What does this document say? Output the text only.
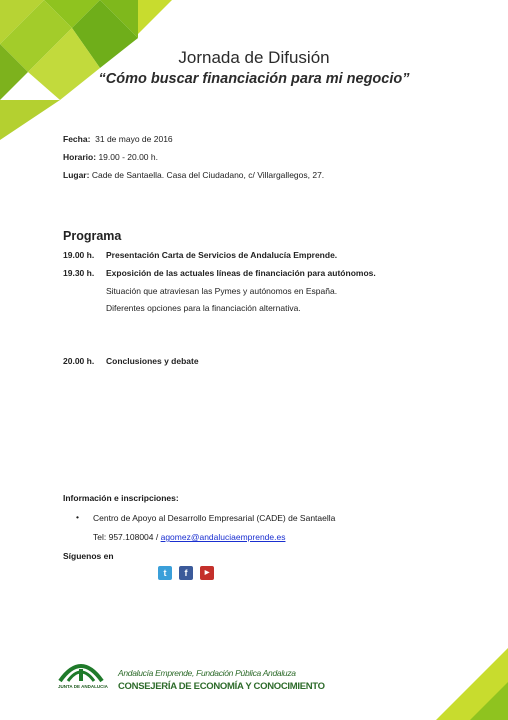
Jornada de Difusión
“Cómo buscar financiación para mi negocio”
Fecha: 31 de mayo de 2016
Horario: 19.00 - 20.00 h.
Lugar: Cade de Santaella. Casa del Ciudadano, c/ Villargallegos, 27.
Programa
19.00 h. Presentación Carta de Servicios de Andalucía Emprende.
19.30 h. Exposición de las actuales líneas de financiación para autónomos.
Situación que atraviesan las Pymes y autónomos en España.
Diferentes opciones para la financiación alternativa.
20.00 h. Conclusiones y debate
Información e inscripciones:
• Centro de Apoyo al Desarrollo Empresarial (CADE) de Santaella
Tel: 957.108004 / agomez@andaluciaemprende.es
Síguenos en
t	f	▶
JUNTA DE ANDALUCIA
Andalucía Emprende, Fundación Pública Andaluza
CONSEJERÍA DE ECONOMÍA Y CONOCIMIENTO
